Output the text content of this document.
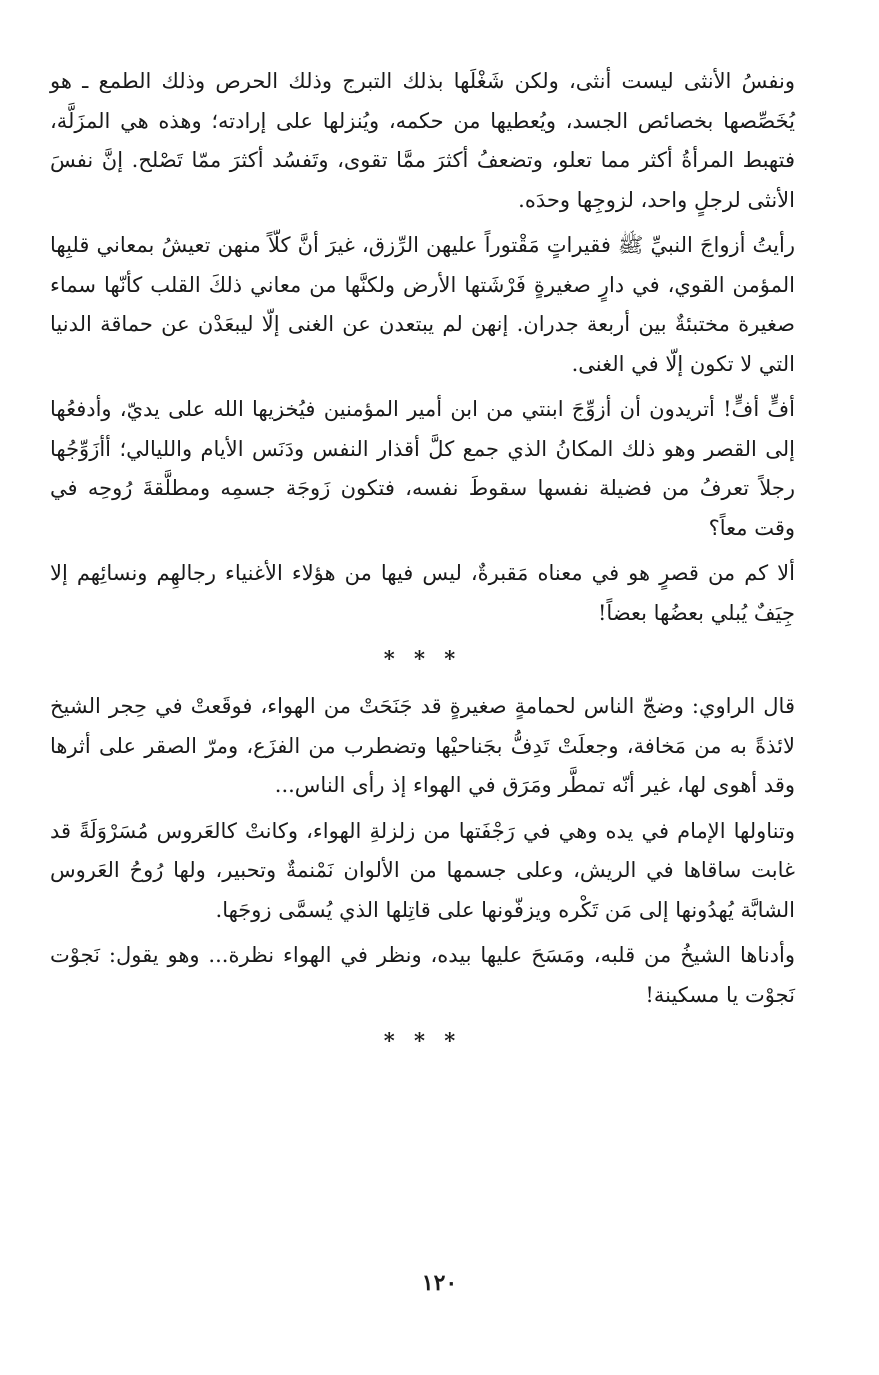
ونفسُ الأنثى ليست أنثى، ولكن شَغْلَها بذلك التبرج وذلك الحرص وذلك الطمع ـ هو يُخَصِّصها بخصائص الجسد، ويُعطيها من حكمه، ويُنزلها على إرادته؛ وهذه هي المزَلَّة، فتهبط المرأةُ أكثر مما تعلو، وتضعفُ أكثرَ ممَّا تقوى، وتَفسُد أكثرَ ممّا تَصْلح. إنَّ نفسَ الأنثى لرجلٍ واحد، لزوجِها وحدَه.

رأيتُ أزواجَ النبيِّ ﷺ فقيراتٍ مَقْتوراً عليهن الرِّزق، غيرَ أنَّ كلّاً منهن تعيشُ بمعاني قلبِها المؤمن القوي، في دارٍ صغيرةٍ فَرْشَتها الأرض ولكنَّها من معاني ذلكَ القلب كأنّها سماء صغيرة مختبئةٌ بين أربعة جدران. إنهن لم يبتعدن عن الغنى إلّا ليبعَدْن عن حماقة الدنيا التي لا تكون إلّا في الغنى.

أفٍّ أفٍّ! أتريدون أن أزوِّجَ ابنتي من ابن أمير المؤمنين فيُخزيها الله على يديّ، وأدفعُها إلى القصر وهو ذلك المكانُ الذي جمع كلَّ أقذار النفس ودَنَس الأيام والليالي؛ أأزَوِّجُها رجلاً تعرفُ من فضيلة نفسها سقوطَ نفسه، فتكون زَوجَة جسمِه ومطلَّقةَ رُوحِه في وقت معاً؟

ألا كم من قصرٍ هو في معناه مَقبرةٌ، ليس فيها من هؤلاء الأغنياء رجالهِم ونسائِهم إلا جِيَفٌ يُبلي بعضُها بعضاً!

* * *

قال الراوي: وضجّ الناس لحمامةٍ صغيرةٍ قد جَنَحَتْ من الهواء، فوقَعتْ في حِجر الشيخ لائذةً به من مَخافة، وجعلَتْ تَدِفُّ بجَناحيْها وتضطرب من الفزَع، ومرّ الصقر على أثرها وقد أهوى لها، غير أنّه تمطَّر ومَرَق في الهواء إذ رأى الناس...

وتناولها الإمام في يده وهي في رَجْفَتها من زلزلةِ الهواء، وكانتْ كالعَروس مُسَرْوَلَةً قد غابت ساقاها في الريش، وعلى جسمها من الألوان نَمْنمةٌ وتحبير، ولها رُوحُ العَروس الشابَّة يُهدُونها إلى مَن تَكْره ويزفّونها على قاتِلها الذي يُسمَّى زوجَها.

وأدناها الشيخُ من قلبه، ومَسَحَ عليها بيده، ونظر في الهواء نظرة... وهو يقول: نَجوْت نَجوْت يا مسكينة!

* * *
١٢٠
